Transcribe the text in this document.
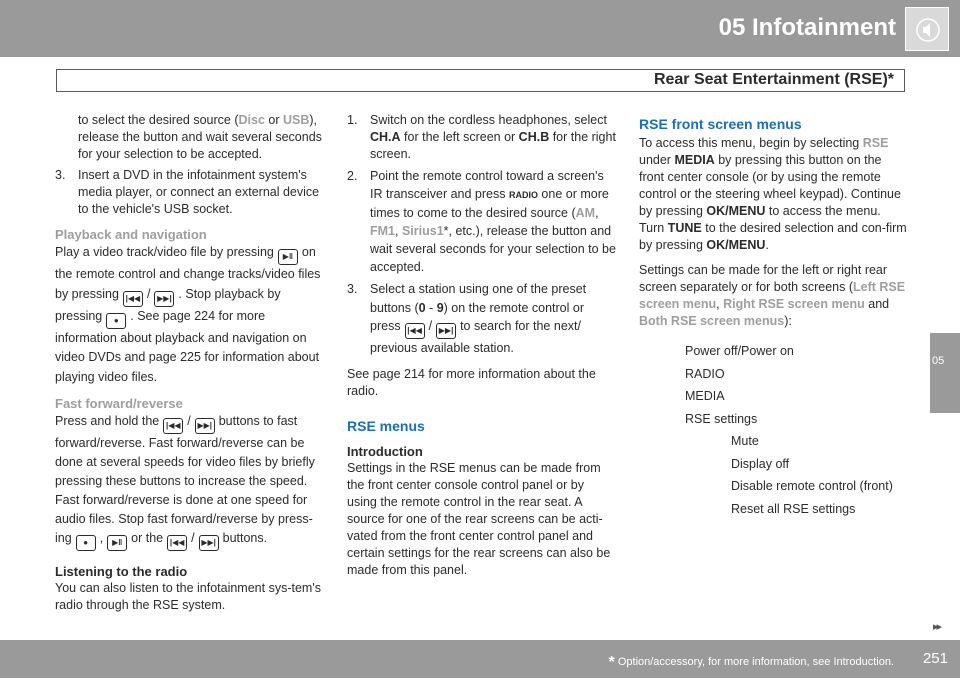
05 Infotainment
Rear Seat Entertainment (RSE)*
05
▸▸
* Option/accessory, for more information, see Introduction. 251

to select the desired source (Disc or USB), release the button and wait several seconds for your selection to be accepted.

3. Insert a DVD in the infotainment system's media player, or connect an external device to the vehicle's USB socket.
Playback and navigation

Play a video track/video file by pressing ▶‖ on the remote control and change tracks/video files by pressing |◀◀ / ▶▶| . Stop playback by pressing ● . See page 224 for more information about playback and navigation on video DVDs and page 225 for information about playing video files.

Fast forward/reverse

Press and hold the |◀◀ / ▶▶| buttons to fast forward/reverse. Fast forward/reverse can be done at several speeds for video files by briefly pressing these buttons to increase the speed. Fast forward/reverse is done at one speed for audio files. Stop fast forward/reverse by press-ing ● , ▶‖ or the |◀◀ / ▶▶| buttons.

Listening to the radio

You can also listen to the infotainment sys-tem's radio through the RSE system.

1. Switch on the cordless headphones, select CH.A for the left screen or CH.B for the right screen.
2. Point the remote control toward a screen's IR transceiver and press RADIO one or more times to come to the desired source (AM, FM1, Sirius1*, etc.), release the button and wait several seconds for your selection to be accepted.
3. Select a station using one of the preset buttons (0 - 9) on the remote control or press |◀◀ / ▶▶| to search for the next/ previous available station.

See page 214 for more information about the radio.

RSE menus
Introduction

Settings in the RSE menus can be made from the front center console control panel or by using the remote control in the rear seat. A source for one of the rear screens can be acti-vated from the front center control panel and certain settings for the rear screens can also be made from this panel.

RSE front screen menus

To access this menu, begin by selecting RSE under MEDIA by pressing this button on the front center console (or by using the remote control or the steering wheel keypad). Continue by pressing OK/MENU to access the menu. Turn TUNE to the desired selection and con-firm by pressing OK/MENU.

Settings can be made for the left or right rear screen separately or for both screens (Left RSE screen menu, Right RSE screen menu and Both RSE screen menus):

Power off/Power on
RADIO
MEDIA
RSE settings
Mute
Display off
Disable remote control (front)
Reset all RSE settings
